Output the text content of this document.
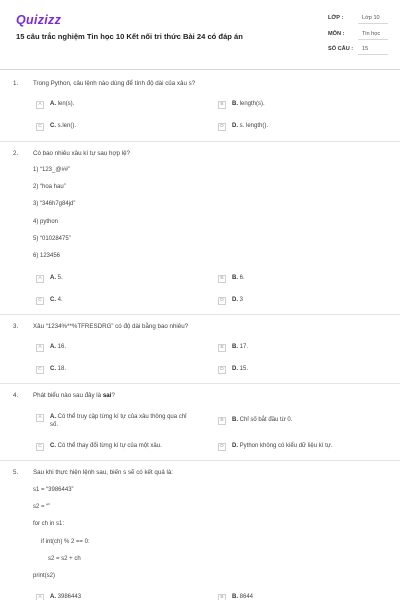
Quizizz
15 câu trắc nghiệm Tin học 10 Kết nối tri thức Bài 24 có đáp án
LỚP :	Lớp 10
MÔN :	Tin học
SỐ CÂU : 15
1. Trong Python, câu lệnh nào dùng để tính độ dài của xâu s?
A	A. len(s).	B	B. length(s).
C	C. s.len().	D	D. s. length().
2. Có bao nhiêu xâu kí tự sau hợp lệ?
1) “123_@##”
2) “hoa hau”
3) “346h7g84jd”
4) python
5) “01028475”
6) 123456
A	A. 5.	B	B. 6.
C	C. 4.	D	D. 3
3. Xâu “1234%**%TFRESDRG” có độ dài bằng bao nhiêu?
A	A. 16.	B	B. 17.
C	C. 18.	D	D. 15.
4. Phát biểu nào sau đây là sai?
A	A. Có thể truy cập từng kí tự của xâu thông qua chỉ số.
B	B. Chỉ số bắt đầu từ 0.
C	C. Có thể thay đổi từng kí tự của một xâu.	D	D. Python không có kiểu dữ liệu kí tự.
5. Sau khi thực hiện lệnh sau, biến s sẽ có kết quả là:
s1 = “3986443”
s2 = “”
for ch in s1:
if int(ch) % 2 == 0:
s2 = s2 + ch
print(s2)
A	A. 3986443	B	B. 8644
